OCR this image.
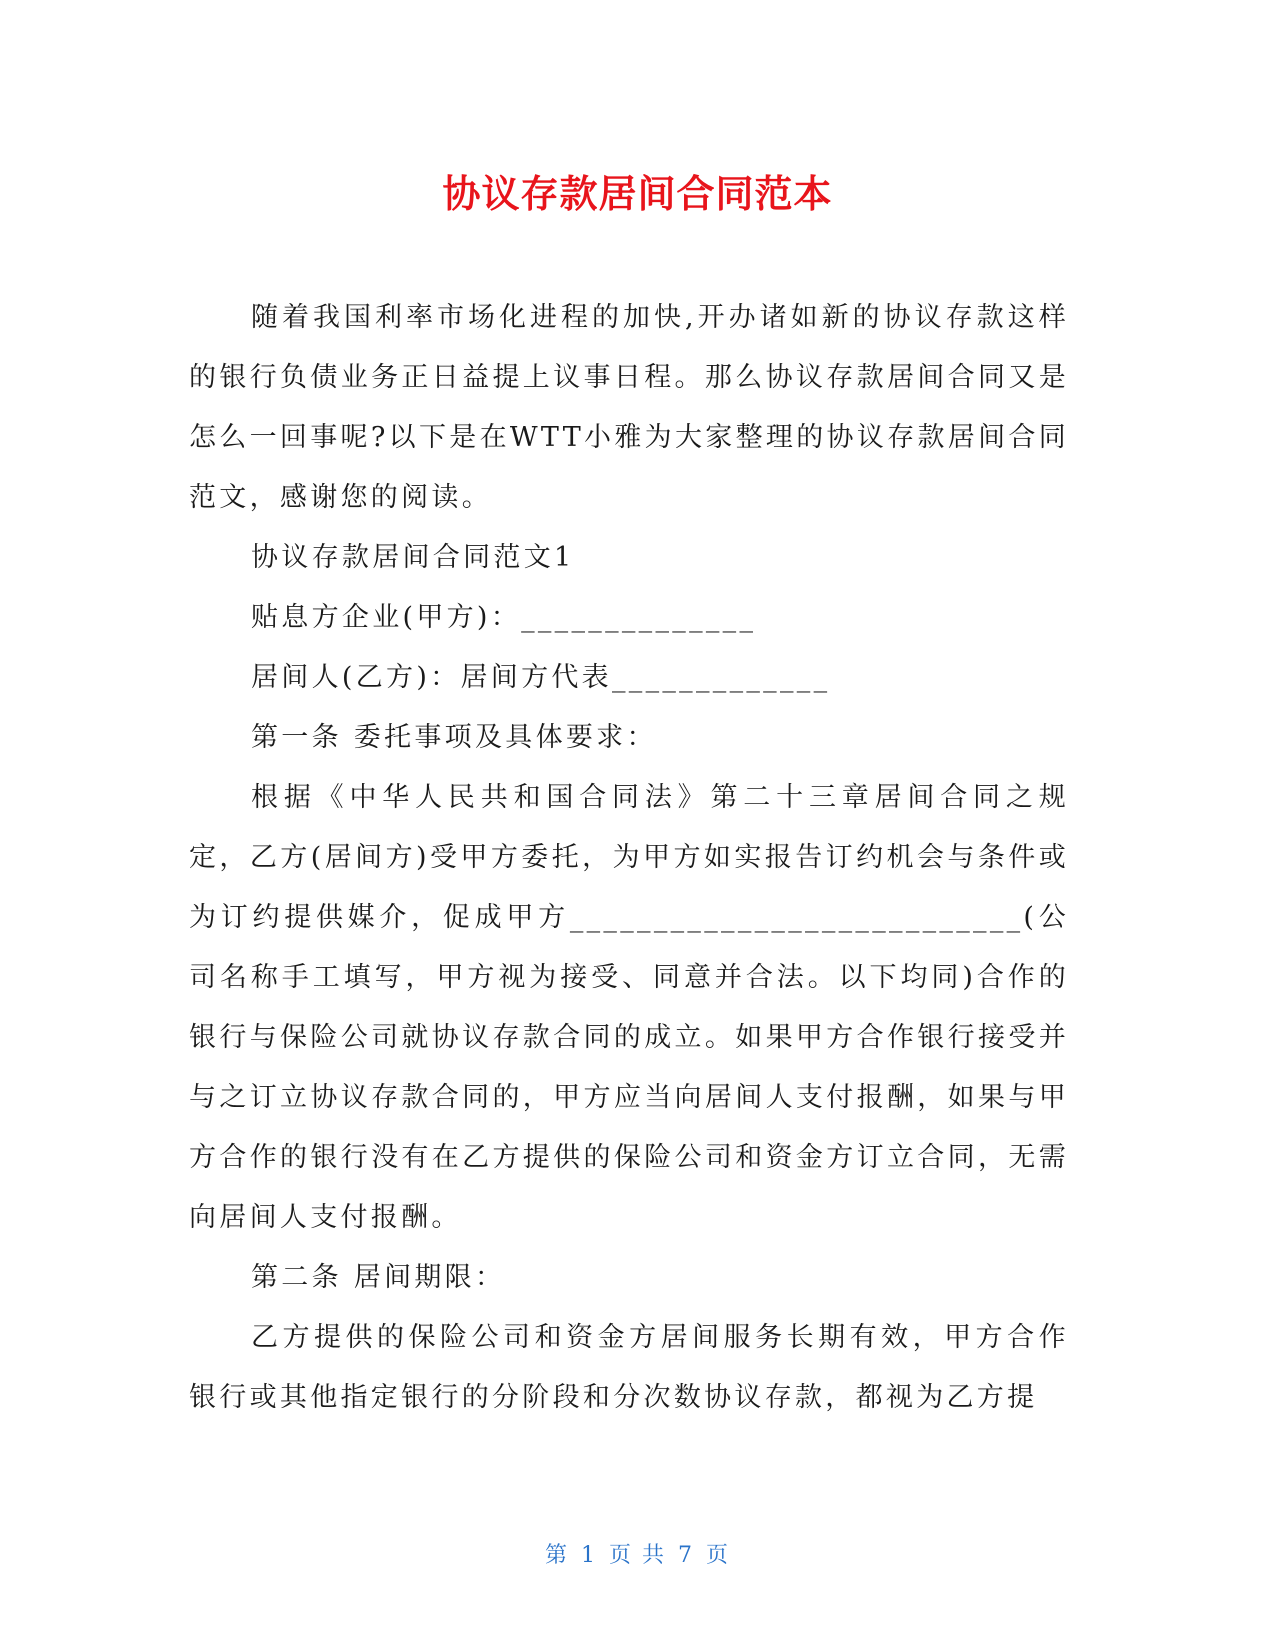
协议存款居间合同范本

随着我国利率市场化进程的加快,开办诸如新的协议存款这样的银行负债业务正日益提上议事日程。那么协议存款居间合同又是怎么一回事呢?以下是在WTT小雅为大家整理的协议存款居间合同范文，感谢您的阅读。

协议存款居间合同范文1

贴息方企业(甲方)：______________

居间人(乙方)：居间方代表_____________

第一条 委托事项及具体要求：

根据《中华人民共和国合同法》第二十三章居间合同之规定，乙方(居间方)受甲方委托，为甲方如实报告订约机会与条件或为订约提供媒介，促成甲方___________________________(公司名称手工填写，甲方视为接受、同意并合法。以下均同)合作的银行与保险公司就协议存款合同的成立。如果甲方合作银行接受并与之订立协议存款合同的，甲方应当向居间人支付报酬，如果与甲方合作的银行没有在乙方提供的保险公司和资金方订立合同，无需向居间人支付报酬。

第二条 居间期限：

乙方提供的保险公司和资金方居间服务长期有效，甲方合作银行或其他指定银行的分阶段和分次数协议存款，都视为乙方提

第 1 页 共 7 页
